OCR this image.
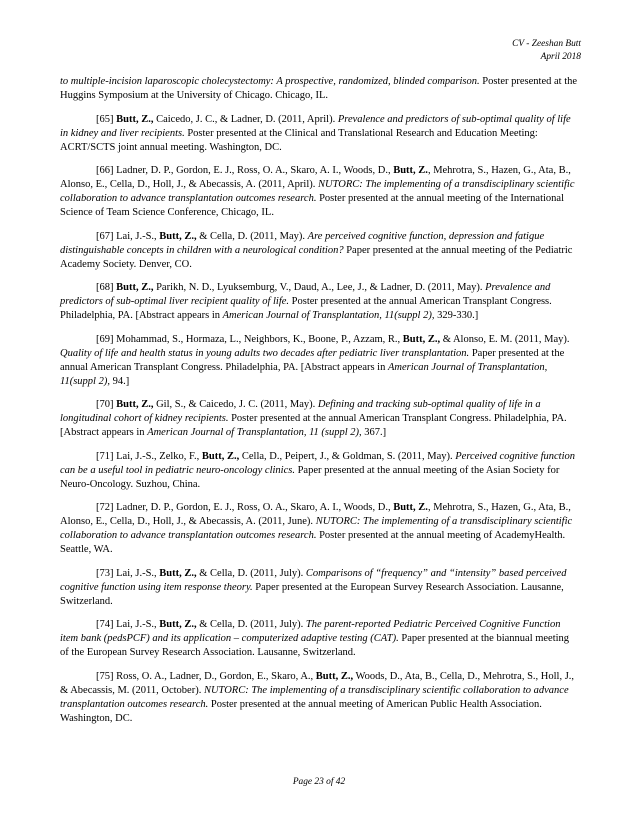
CV - Zeeshan Butt
April 2018

to multiple-incision laparoscopic cholecystectomy: A prospective, randomized, blinded comparison. Poster presented at the Huggins Symposium at the University of Chicago. Chicago, IL.

[65] Butt, Z., Caicedo, J. C., & Ladner, D. (2011, April). Prevalence and predictors of sub-optimal quality of life in kidney and liver recipients. Poster presented at the Clinical and Translational Research and Education Meeting: ACRT/SCTS joint annual meeting. Washington, DC.

[66] Ladner, D. P., Gordon, E. J., Ross, O. A., Skaro, A. I., Woods, D., Butt, Z., Mehrotra, S., Hazen, G., Ata, B., Alonso, E., Cella, D., Holl, J., & Abecassis, A. (2011, April). NUTORC: The implementing of a transdisciplinary scientific collaboration to advance transplantation outcomes research. Poster presented at the annual meeting of the International Science of Team Science Conference, Chicago, IL.

[67] Lai, J.-S., Butt, Z., & Cella, D. (2011, May). Are perceived cognitive function, depression and fatigue distinguishable concepts in children with a neurological condition? Paper presented at the annual meeting of the Pediatric Academy Society. Denver, CO.

[68] Butt, Z., Parikh, N. D., Lyuksemburg, V., Daud, A., Lee, J., & Ladner, D. (2011, May). Prevalence and predictors of sub-optimal liver recipient quality of life. Poster presented at the annual American Transplant Congress. Philadelphia, PA. [Abstract appears in American Journal of Transplantation, 11(suppl 2), 329-330.]

[69] Mohammad, S., Hormaza, L., Neighbors, K., Boone, P., Azzam, R., Butt, Z., & Alonso, E. M. (2011, May). Quality of life and health status in young adults two decades after pediatric liver transplantation. Paper presented at the annual American Transplant Congress. Philadelphia, PA. [Abstract appears in American Journal of Transplantation, 11(suppl 2), 94.]

[70] Butt, Z., Gil, S., & Caicedo, J. C. (2011, May). Defining and tracking sub-optimal quality of life in a longitudinal cohort of kidney recipients. Poster presented at the annual American Transplant Congress. Philadelphia, PA. [Abstract appears in American Journal of Transplantation, 11 (suppl 2), 367.]

[71] Lai, J.-S., Zelko, F., Butt, Z., Cella, D., Peipert, J., & Goldman, S. (2011, May). Perceived cognitive function can be a useful tool in pediatric neuro-oncology clinics. Paper presented at the annual meeting of the Asian Society for Neuro-Oncology. Suzhou, China.

[72] Ladner, D. P., Gordon, E. J., Ross, O. A., Skaro, A. I., Woods, D., Butt, Z., Mehrotra, S., Hazen, G., Ata, B., Alonso, E., Cella, D., Holl, J., & Abecassis, A. (2011, June). NUTORC: The implementing of a transdisciplinary scientific collaboration to advance transplantation outcomes research. Poster presented at the annual meeting of AcademyHealth. Seattle, WA.

[73] Lai, J.-S., Butt, Z., & Cella, D. (2011, July). Comparisons of “frequency” and “intensity” based perceived cognitive function using item response theory. Paper presented at the European Survey Research Association. Lausanne, Switzerland.

[74] Lai, J.-S., Butt, Z., & Cella, D. (2011, July). The parent-reported Pediatric Perceived Cognitive Function item bank (pedsPCF) and its application – computerized adaptive testing (CAT). Paper presented at the biannual meeting of the European Survey Research Association. Lausanne, Switzerland.

[75] Ross, O. A., Ladner, D., Gordon, E., Skaro, A., Butt, Z., Woods, D., Ata, B., Cella, D., Mehrotra, S., Holl, J., & Abecassis, M. (2011, October). NUTORC: The implementing of a transdisciplinary scientific collaboration to advance transplantation outcomes research. Poster presented at the annual meeting of American Public Health Association. Washington, DC.

Page 23 of 42
